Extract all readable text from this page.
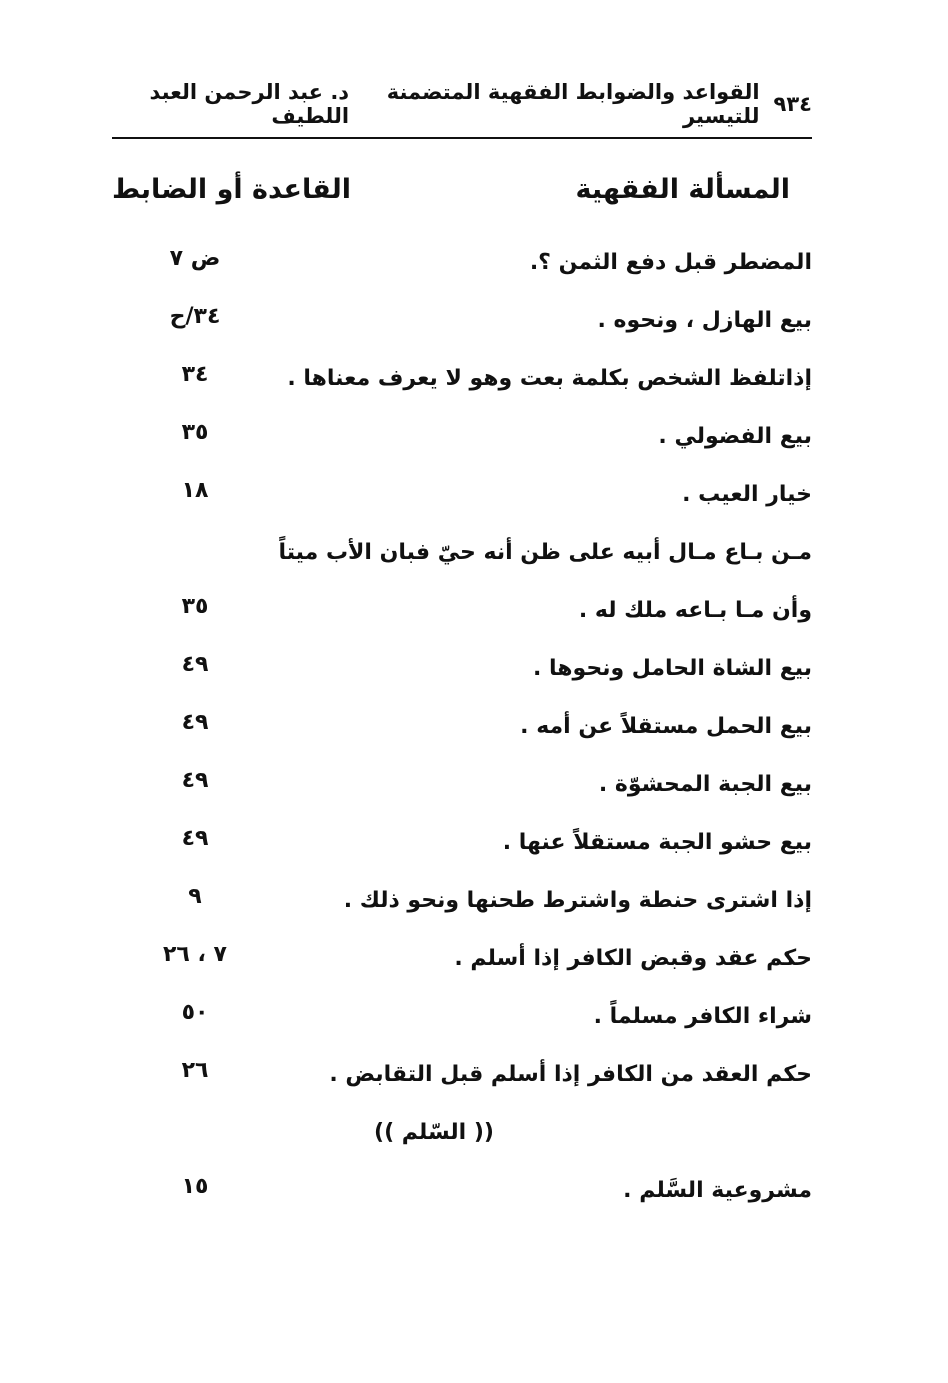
٩٣٤
القواعد والضوابط الفقهية المتضمنة للتيسير
د. عبد الرحمن العبد اللطيف
المسألة الفقهية
القاعدة أو الضابط
المضطر قبل دفع الثمن ؟.
ض ٧
بيع الهازل ، ونحوه .
٣٤/ح
إذاتلفظ الشخص بكلمة بعت وهو لا يعرف معناها .
٣٤
بيع الفضولي .
٣٥
خيار العيب .
١٨
مـن بـاع مـال أبيه على ظن أنه حيّ فبان الأب ميتاً
وأن مـا بـاعه ملك له .
٣٥
بيع الشاة الحامل ونحوها .
٤٩
بيع الحمل مستقلاً عن أمه .
٤٩
بيع الجبة المحشوّة .
٤٩
بيع حشو الجبة مستقلاً عنها .
٤٩
إذا اشترى حنطة واشترط طحنها ونحو ذلك .
٩
حكم عقد وقبض الكافر إذا أسلم .
٧ ، ٢٦
شراء الكافر مسلماً .
٥٠
حكم العقد من الكافر إذا أسلم قبل التقابض .
٢٦
(( السّلم ))
مشروعية السَّلم .
١٥
